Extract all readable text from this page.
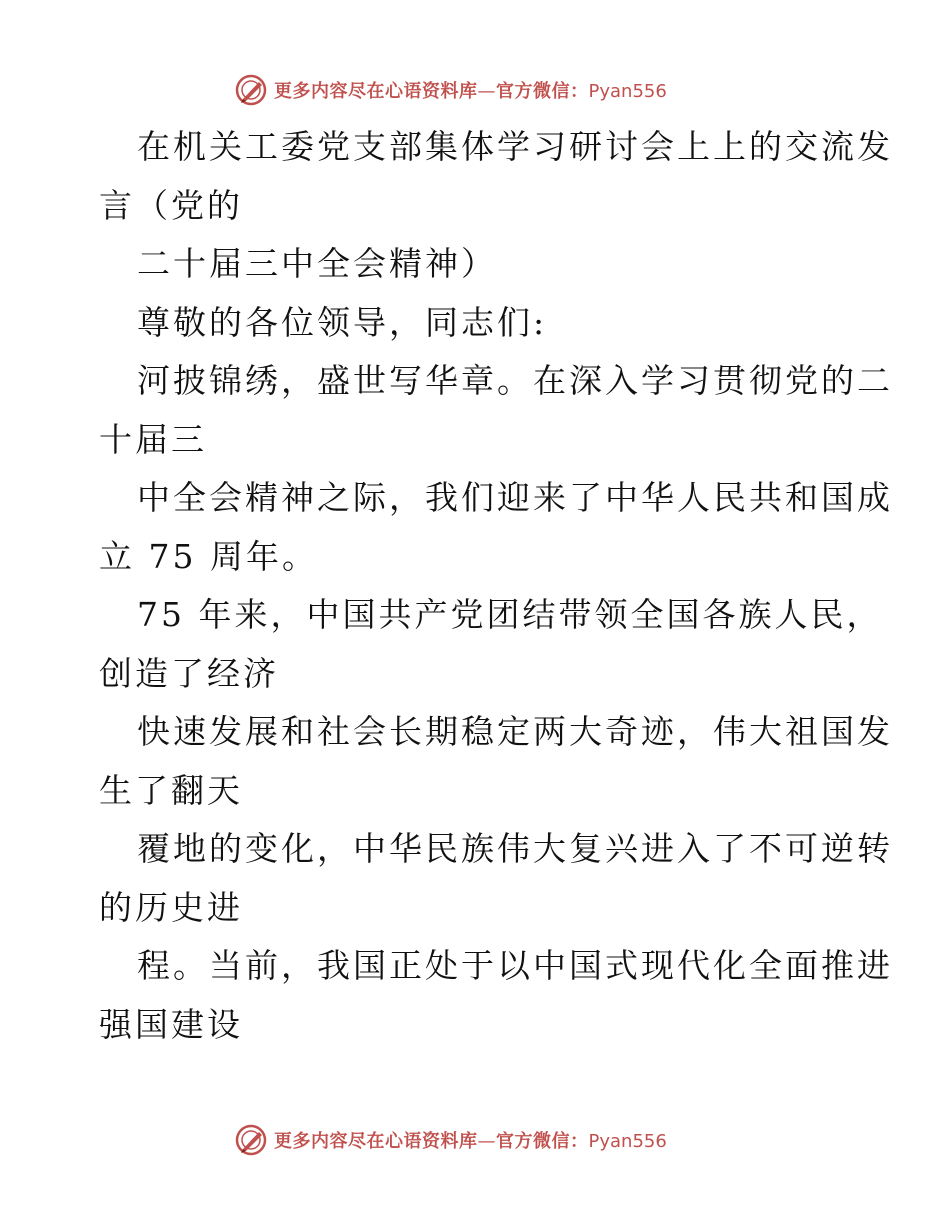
更多内容尽在心语资料库—官方微信：Pyan556
在机关工委党支部集体学习研讨会上上的交流发
言（党的
二十届三中全会精神）
尊敬的各位领导，同志们:
河披锦绣，盛世写华章。在深入学习贯彻党的二
十届三
中全会精神之际，我们迎来了中华人民共和国成
立 75 周年。
75 年来，中国共产党团结带领全国各族人民，
创造了经济
快速发展和社会长期稳定两大奇迹，伟大祖国发
生了翻天
覆地的变化，中华民族伟大复兴进入了不可逆转
的历史进
程。当前，我国正处于以中国式现代化全面推进
强国建设
更多内容尽在心语资料库—官方微信：Pyan556
